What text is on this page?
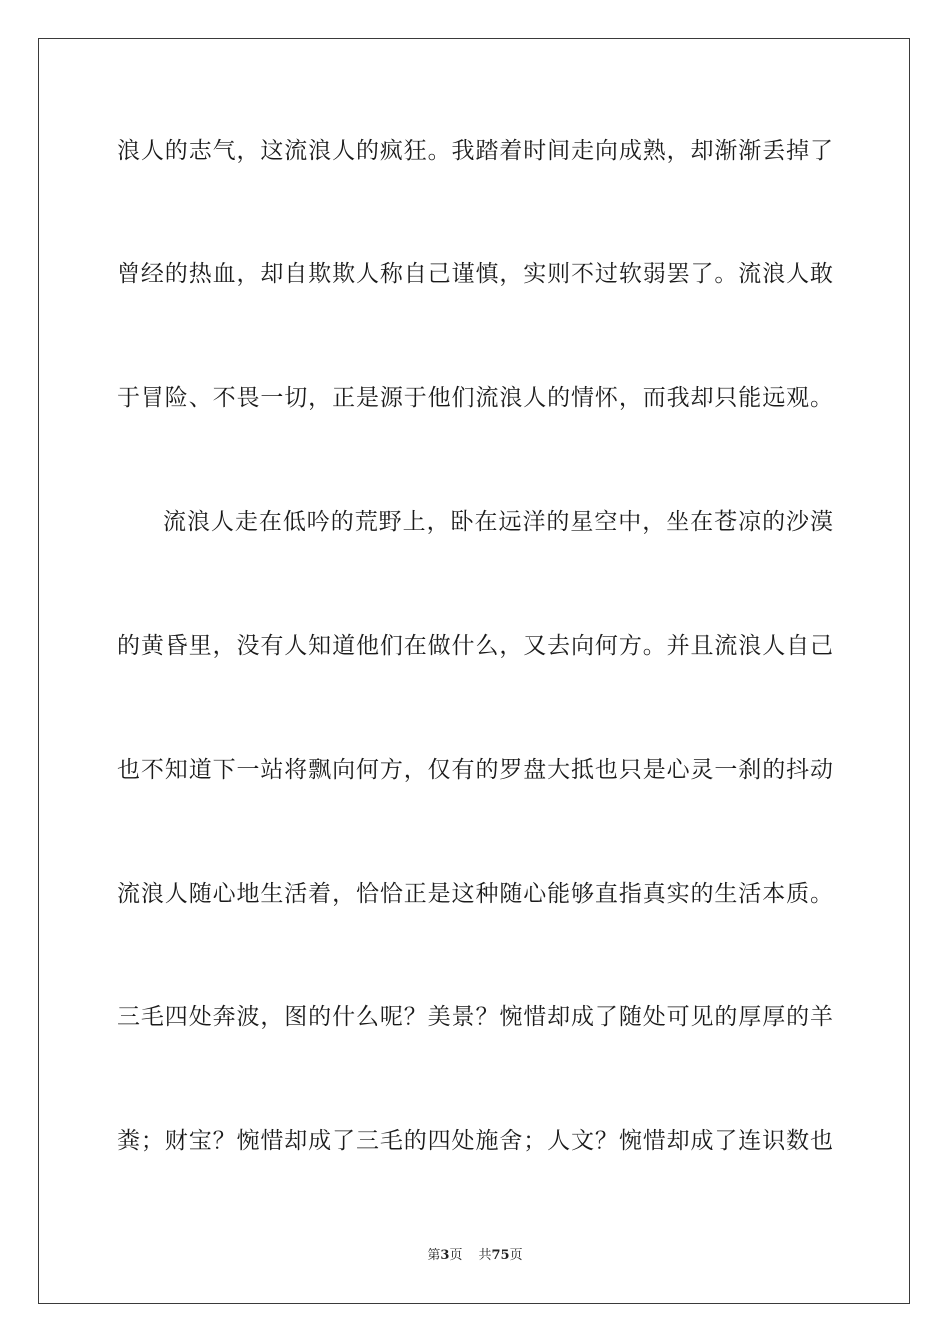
浪人的志气，这流浪人的疯狂。我踏着时间走向成熟，却渐渐丢掉了
曾经的热血，却自欺欺人称自己谨慎，实则不过软弱罢了。流浪人敢
于冒险、不畏一切，正是源于他们流浪人的情怀，而我却只能远观。
流浪人走在低吟的荒野上，卧在远洋的星空中，坐在苍凉的沙漠
的黄昏里，没有人知道他们在做什么，又去向何方。并且流浪人自己
也不知道下一站将飘向何方，仅有的罗盘大抵也只是心灵一刹的抖动
流浪人随心地生活着，恰恰正是这种随心能够直指真实的生活本质。
三毛四处奔波，图的什么呢？美景？惋惜却成了随处可见的厚厚的羊
粪；财宝？惋惜却成了三毛的四处施舍；人文？惋惜却成了连识数也
第3页 共75页
